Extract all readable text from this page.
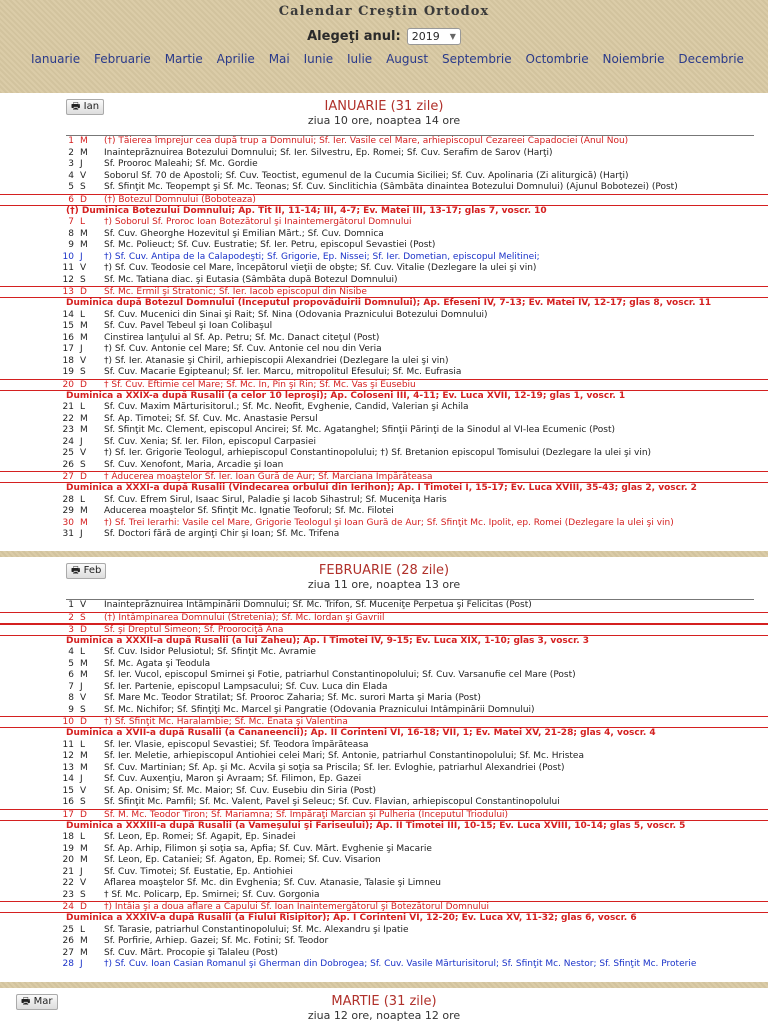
Calendar Creştin Ortodox
Alegeţi anul: 2019 ▼
Ianuarie Februarie Martie Aprilie Mai Iunie Iulie August Septembrie Octombrie Noiembrie Decembrie
🖶 Ian	IANUARIE (31 zile)
ziua 10 ore, noaptea 14 ore
1 M (†) Tăierea împrejur cea după trup a Domnului; Sf. Ier. Vasile cel Mare, arhiepiscopul Cezareei Capadociei (Anul Nou)
2 M Înainteprăznuirea Botezului Domnului; Sf. Ier. Silvestru, Ep. Romei; Sf. Cuv. Serafim de Sarov (Harţi)
3 J Sf. Prooroc Maleahi; Sf. Mc. Gordie
4 V Soborul Sf. 70 de Apostoli; Sf. Cuv. Teoctist, egumenul de la Cucumia Siciliei; Sf. Cuv. Apolinaria (Zi aliturgică) (Harţi)
5 S Sf. Sfinţit Mc. Teopempt şi Sf. Mc. Teonas; Sf. Cuv. Sinclitichia (Sâmbăta dinaintea Botezului Domnului) (Ajunul Bobotezei) (Post)
6 D (†) Botezul Domnului (Boboteaza)
(†) Duminica Botezului Domnului; Ap. Tit II, 11-14; III, 4-7; Ev. Matei III, 13-17; glas 7, voscr. 10
7 L †) Soborul Sf. Proroc Ioan Botezătorul şi Înaintemergătorul Domnului
8 M Sf. Cuv. Gheorghe Hozevitul şi Emilian Mărt.; Sf. Cuv. Domnica
9 M Sf. Mc. Polieuct; Sf. Cuv. Eustratie; Sf. Ier. Petru, episcopul Sevastiei (Post)
10 J †) Sf. Cuv. Antipa de la Calapodeşti; Sf. Grigorie, Ep. Nissei; Sf. Ier. Dometian, episcopul Melitinei;
11 V †) Sf. Cuv. Teodosie cel Mare, începătorul vieţii de obşte; Sf. Cuv. Vitalie (Dezlegare la ulei şi vin)
12 S Sf. Mc. Tatiana diac. şi Eutasia (Sâmbăta după Botezul Domnului)
13 D Sf. Mc. Ermil şi Stratonic; Sf. Ier. Iacob episcopul din Nisibe
Duminica după Botezul Domnului (Începutul propovăduirii Domnului); Ap. Efeseni IV, 7-13; Ev. Matei IV, 12-17; glas 8, voscr. 11
14 L Sf. Cuv. Mucenici din Sinai şi Rait; Sf. Nina (Odovania Praznicului Botezului Domnului)
15 M Sf. Cuv. Pavel Tebeul şi Ioan Colibaşul
16 M Cinstirea lanţului al Sf. Ap. Petru; Sf. Mc. Danact citeţul (Post)
17 J †) Sf. Cuv. Antonie cel Mare; Sf. Cuv. Antonie cel nou din Veria
18 V †) Sf. Ier. Atanasie şi Chiril, arhiepiscopii Alexandriei (Dezlegare la ulei şi vin)
19 S Sf. Cuv. Macarie Egipteanul; Sf. Ier. Marcu, mitropolitul Efesului; Sf. Mc. Eufrasia
20 D † Sf. Cuv. Eftimie cel Mare; Sf. Mc. In, Pin şi Rin; Sf. Mc. Vas şi Eusebiu
Duminica a XXIX-a după Rusalii (a celor 10 leproşi); Ap. Coloseni III, 4-11; Ev. Luca XVII, 12-19; glas 1, voscr. 1
21 L Sf. Cuv. Maxim Mărturisitorul.; Sf. Mc. Neofit, Evghenie, Candid, Valerian şi Achila
22 M Sf. Ap. Timotei; Sf. Sf. Cuv. Mc. Anastasie Persul
23 M Sf. Sfinţit Mc. Clement, episcopul Ancirei; Sf. Mc. Agatanghel; Sfinţii Părinţi de la Sinodul al VI-lea Ecumenic (Post)
24 J Sf. Cuv. Xenia; Sf. Ier. Filon, episcopul Carpasiei
25 V †) Sf. Ier. Grigorie Teologul, arhiepiscopul Constantinopolului; †) Sf. Bretanion episcopul Tomisului (Dezlegare la ulei şi vin)
26 S Sf. Cuv. Xenofont, Maria, Arcadie şi Ioan
27 D † Aducerea moaştelor Sf. Ier. Ioan Gură de Aur; Sf. Marciana Împărăteasa
Duminica a XXXI-a după Rusalii (Vindecarea orbului din Ierihon); Ap. I Timotei I, 15-17; Ev. Luca XVIII, 35-43; glas 2, voscr. 2
28 L Sf. Cuv. Efrem Sirul, Isaac Sirul, Paladie şi Iacob Sihastrul; Sf. Muceniţa Haris
29 M Aducerea moaştelor Sf. Sfinţit Mc. Ignatie Teoforul; Sf. Mc. Filotei
30 M †) Sf. Trei Ierarhi: Vasile cel Mare, Grigorie Teologul şi Ioan Gură de Aur; Sf. Sfinţit Mc. Ipolit, ep. Romei (Dezlegare la ulei şi vin)
31 J Sf. Doctori fără de arginţi Chir şi Ioan; Sf. Mc. Trifena
🖶 Feb	FEBRUARIE (28 zile)
ziua 11 ore, noaptea 13 ore
1 V Înainteprăznuirea Întâmpinării Domnului; Sf. Mc. Trifon, Sf. Muceniţe Perpetua şi Felicitas (Post)
2 S (†) Întâmpinarea Domnului (Stretenia); Sf. Mc. Iordan şi Gavriil
3 D Sf. şi Dreptul Simeon; Sf. Proorociţă Ana
Duminica a XXXII-a după Rusalii (a lui Zaheu); Ap. I Timotei IV, 9-15; Ev. Luca XIX, 1-10; glas 3, voscr. 3
4 L Sf. Cuv. Isidor Pelusiotul; Sf. Sfinţit Mc. Avramie
5 M Sf. Mc. Agata şi Teodula
6 M Sf. Ier. Vucol, episcopul Smirnei şi Fotie, patriarhul Constantinopolului; Sf. Cuv. Varsanufie cel Mare (Post)
7 J Sf. Ier. Partenie, episcopul Lampsacului; Sf. Cuv. Luca din Elada
8 V Sf. Mare Mc. Teodor Stratilat; Sf. Prooroc Zaharia; Sf. Mc. surori Marta şi Maria (Post)
9 S Sf. Mc. Nichifor; Sf. Sfinţiţi Mc. Marcel şi Pangratie (Odovania Praznicului Întâmpinării Domnului)
10 D †) Sf. Sfinţit Mc. Haralambie; Sf. Mc. Enata şi Valentina
Duminica a XVII-a după Rusalii (a Cananeencii); Ap. II Corinteni VI, 16-18; VII, 1; Ev. Matei XV, 21-28; glas 4, voscr. 4
11 L Sf. Ier. Vlasie, episcopul Sevastiei; Sf. Teodora împărăteasa
12 M Sf. Ier. Meletie, arhiepiscopul Antiohiei celei Mari; Sf. Antonie, patriarhul Constantinopolului; Sf. Mc. Hristea
13 M Sf. Cuv. Martinian; Sf. Ap. şi Mc. Acvila şi soţia sa Priscila; Sf. Ier. Evloghie, patriarhul Alexandriei (Post)
14 J Sf. Cuv. Auxenţiu, Maron şi Avraam; Sf. Filimon, Ep. Gazei
15 V Sf. Ap. Onisim; Sf. Mc. Maior; Sf. Cuv. Eusebiu din Siria (Post)
16 S Sf. Sfinţit Mc. Pamfil; Sf. Mc. Valent, Pavel şi Seleuc; Sf. Cuv. Flavian, arhiepiscopul Constantinopolului
17 D Sf. M. Mc. Teodor Tiron; Sf. Mariamna; Sf. Împăraţi Marcian şi Pulheria (Începutul Triodului)
Duminica a XXXIII-a după Rusalii (a Vameşului şi Fariseului); Ap. II Timotei III, 10-15; Ev. Luca XVIII, 10-14; glas 5, voscr. 5
18 L Sf. Leon, Ep. Romei; Sf. Agapit, Ep. Sinadei
19 M Sf. Ap. Arhip, Filimon şi soţia sa, Apfia; Sf. Cuv. Mărt. Evghenie şi Macarie
20 M Sf. Leon, Ep. Cataniei; Sf. Agaton, Ep. Romei; Sf. Cuv. Visarion
21 J Sf. Cuv. Timotei; Sf. Eustatie, Ep. Antiohiei
22 V Aflarea moaştelor Sf. Mc. din Evghenia; Sf. Cuv. Atanasie, Talasie şi Limneu
23 S † Sf. Mc. Policarp, Ep. Smirnei; Sf. Cuv. Gorgonia
24 D †) Întâia şi a doua aflare a Capului Sf. Ioan Înaintemergătorul şi Botezătorul Domnului
Duminica a XXXIV-a după Rusalii (a Fiului Risipitor); Ap. I Corinteni VI, 12-20; Ev. Luca XV, 11-32; glas 6, voscr. 6
25 L Sf. Tarasie, patriarhul Constantinopolului; Sf. Mc. Alexandru şi Ipatie
26 M Sf. Porfirie, Arhiep. Gazei; Sf. Mc. Fotini; Sf. Teodor
27 M Sf. Cuv. Mărt. Procopie şi Talaleu (Post)
28 J †) Sf. Cuv. Ioan Casian Romanul şi Gherman din Dobrogea; Sf. Cuv. Vasile Mărturisitorul; Sf. Sfinţit Mc. Nestor; Sf. Sfinţit Mc. Proterie
🖶 Mar	MARTIE (31 zile)
ziua 12 ore, noaptea 12 ore
